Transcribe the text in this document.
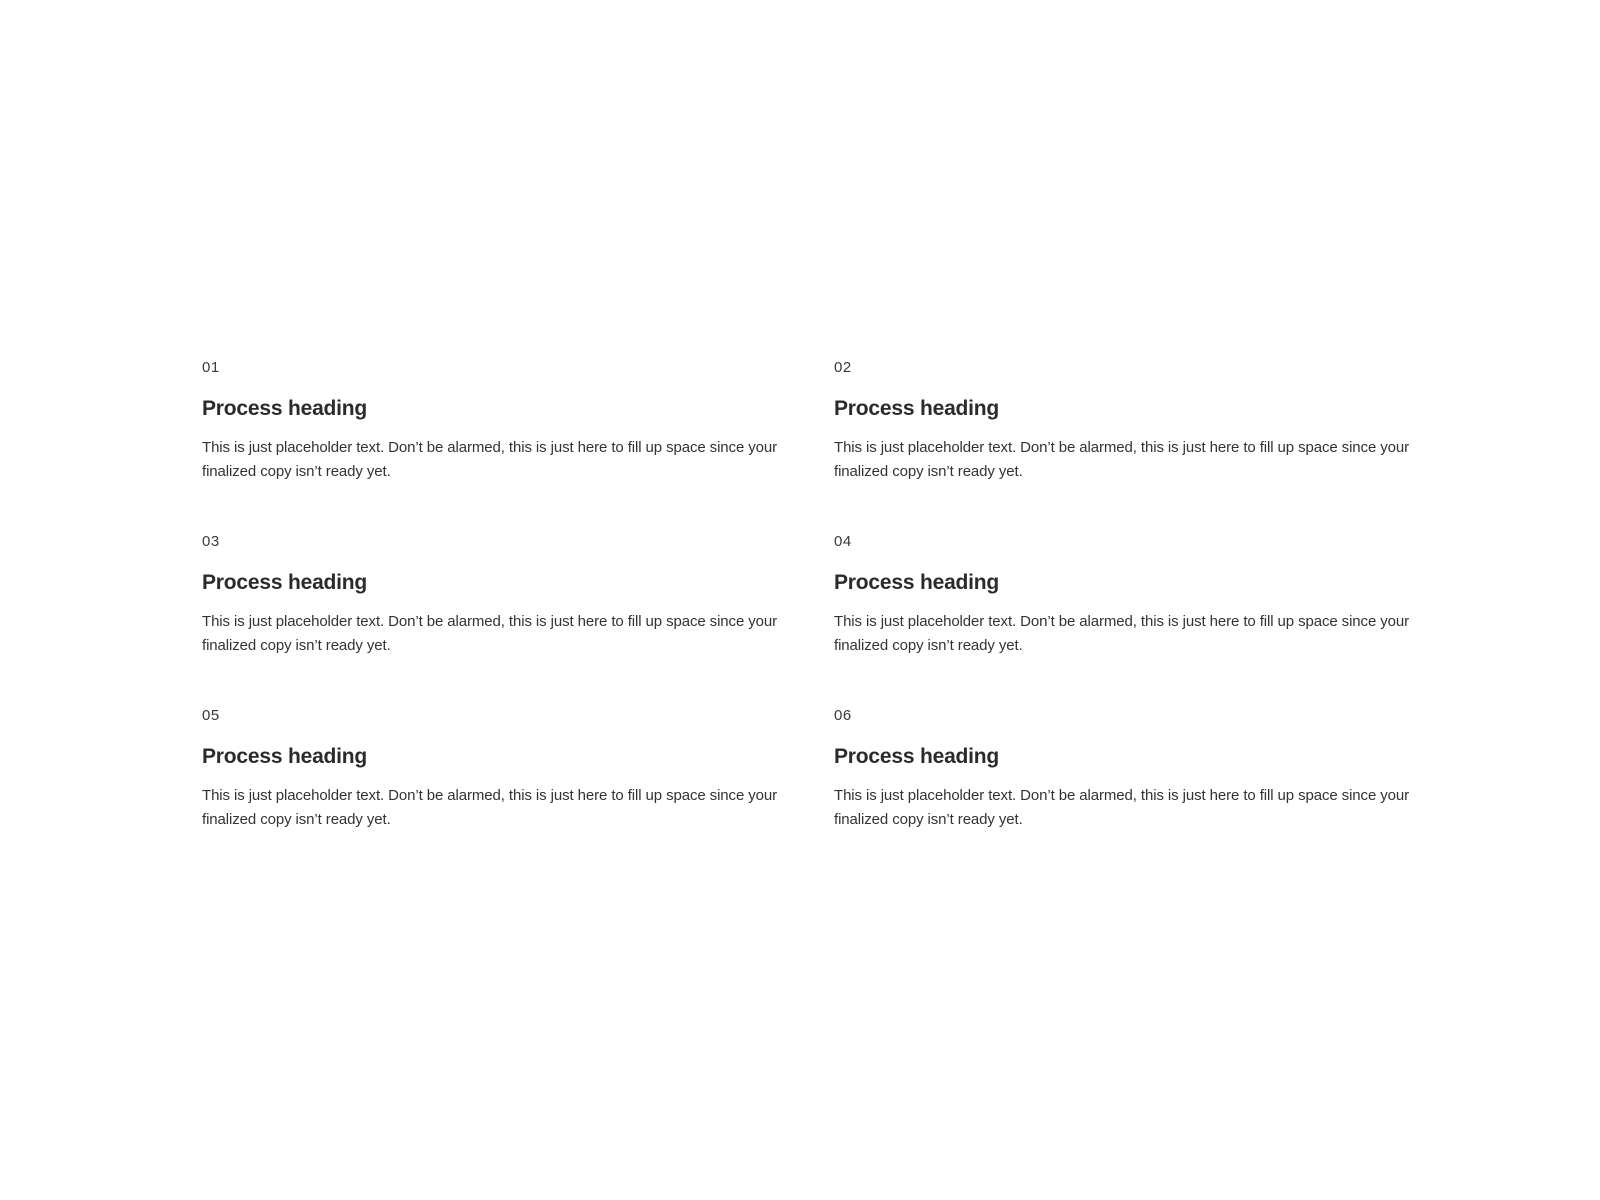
01
Process heading

This is just placeholder text. Don’t be alarmed, this is just here to fill up space since your finalized copy isn’t ready yet.

02
Process heading

This is just placeholder text. Don’t be alarmed, this is just here to fill up space since your finalized copy isn’t ready yet.

03
Process heading

This is just placeholder text. Don’t be alarmed, this is just here to fill up space since your finalized copy isn’t ready yet.

04
Process heading

This is just placeholder text. Don’t be alarmed, this is just here to fill up space since your finalized copy isn’t ready yet.

05
Process heading

This is just placeholder text. Don’t be alarmed, this is just here to fill up space since your finalized copy isn’t ready yet.

06
Process heading

This is just placeholder text. Don’t be alarmed, this is just here to fill up space since your finalized copy isn’t ready yet.
